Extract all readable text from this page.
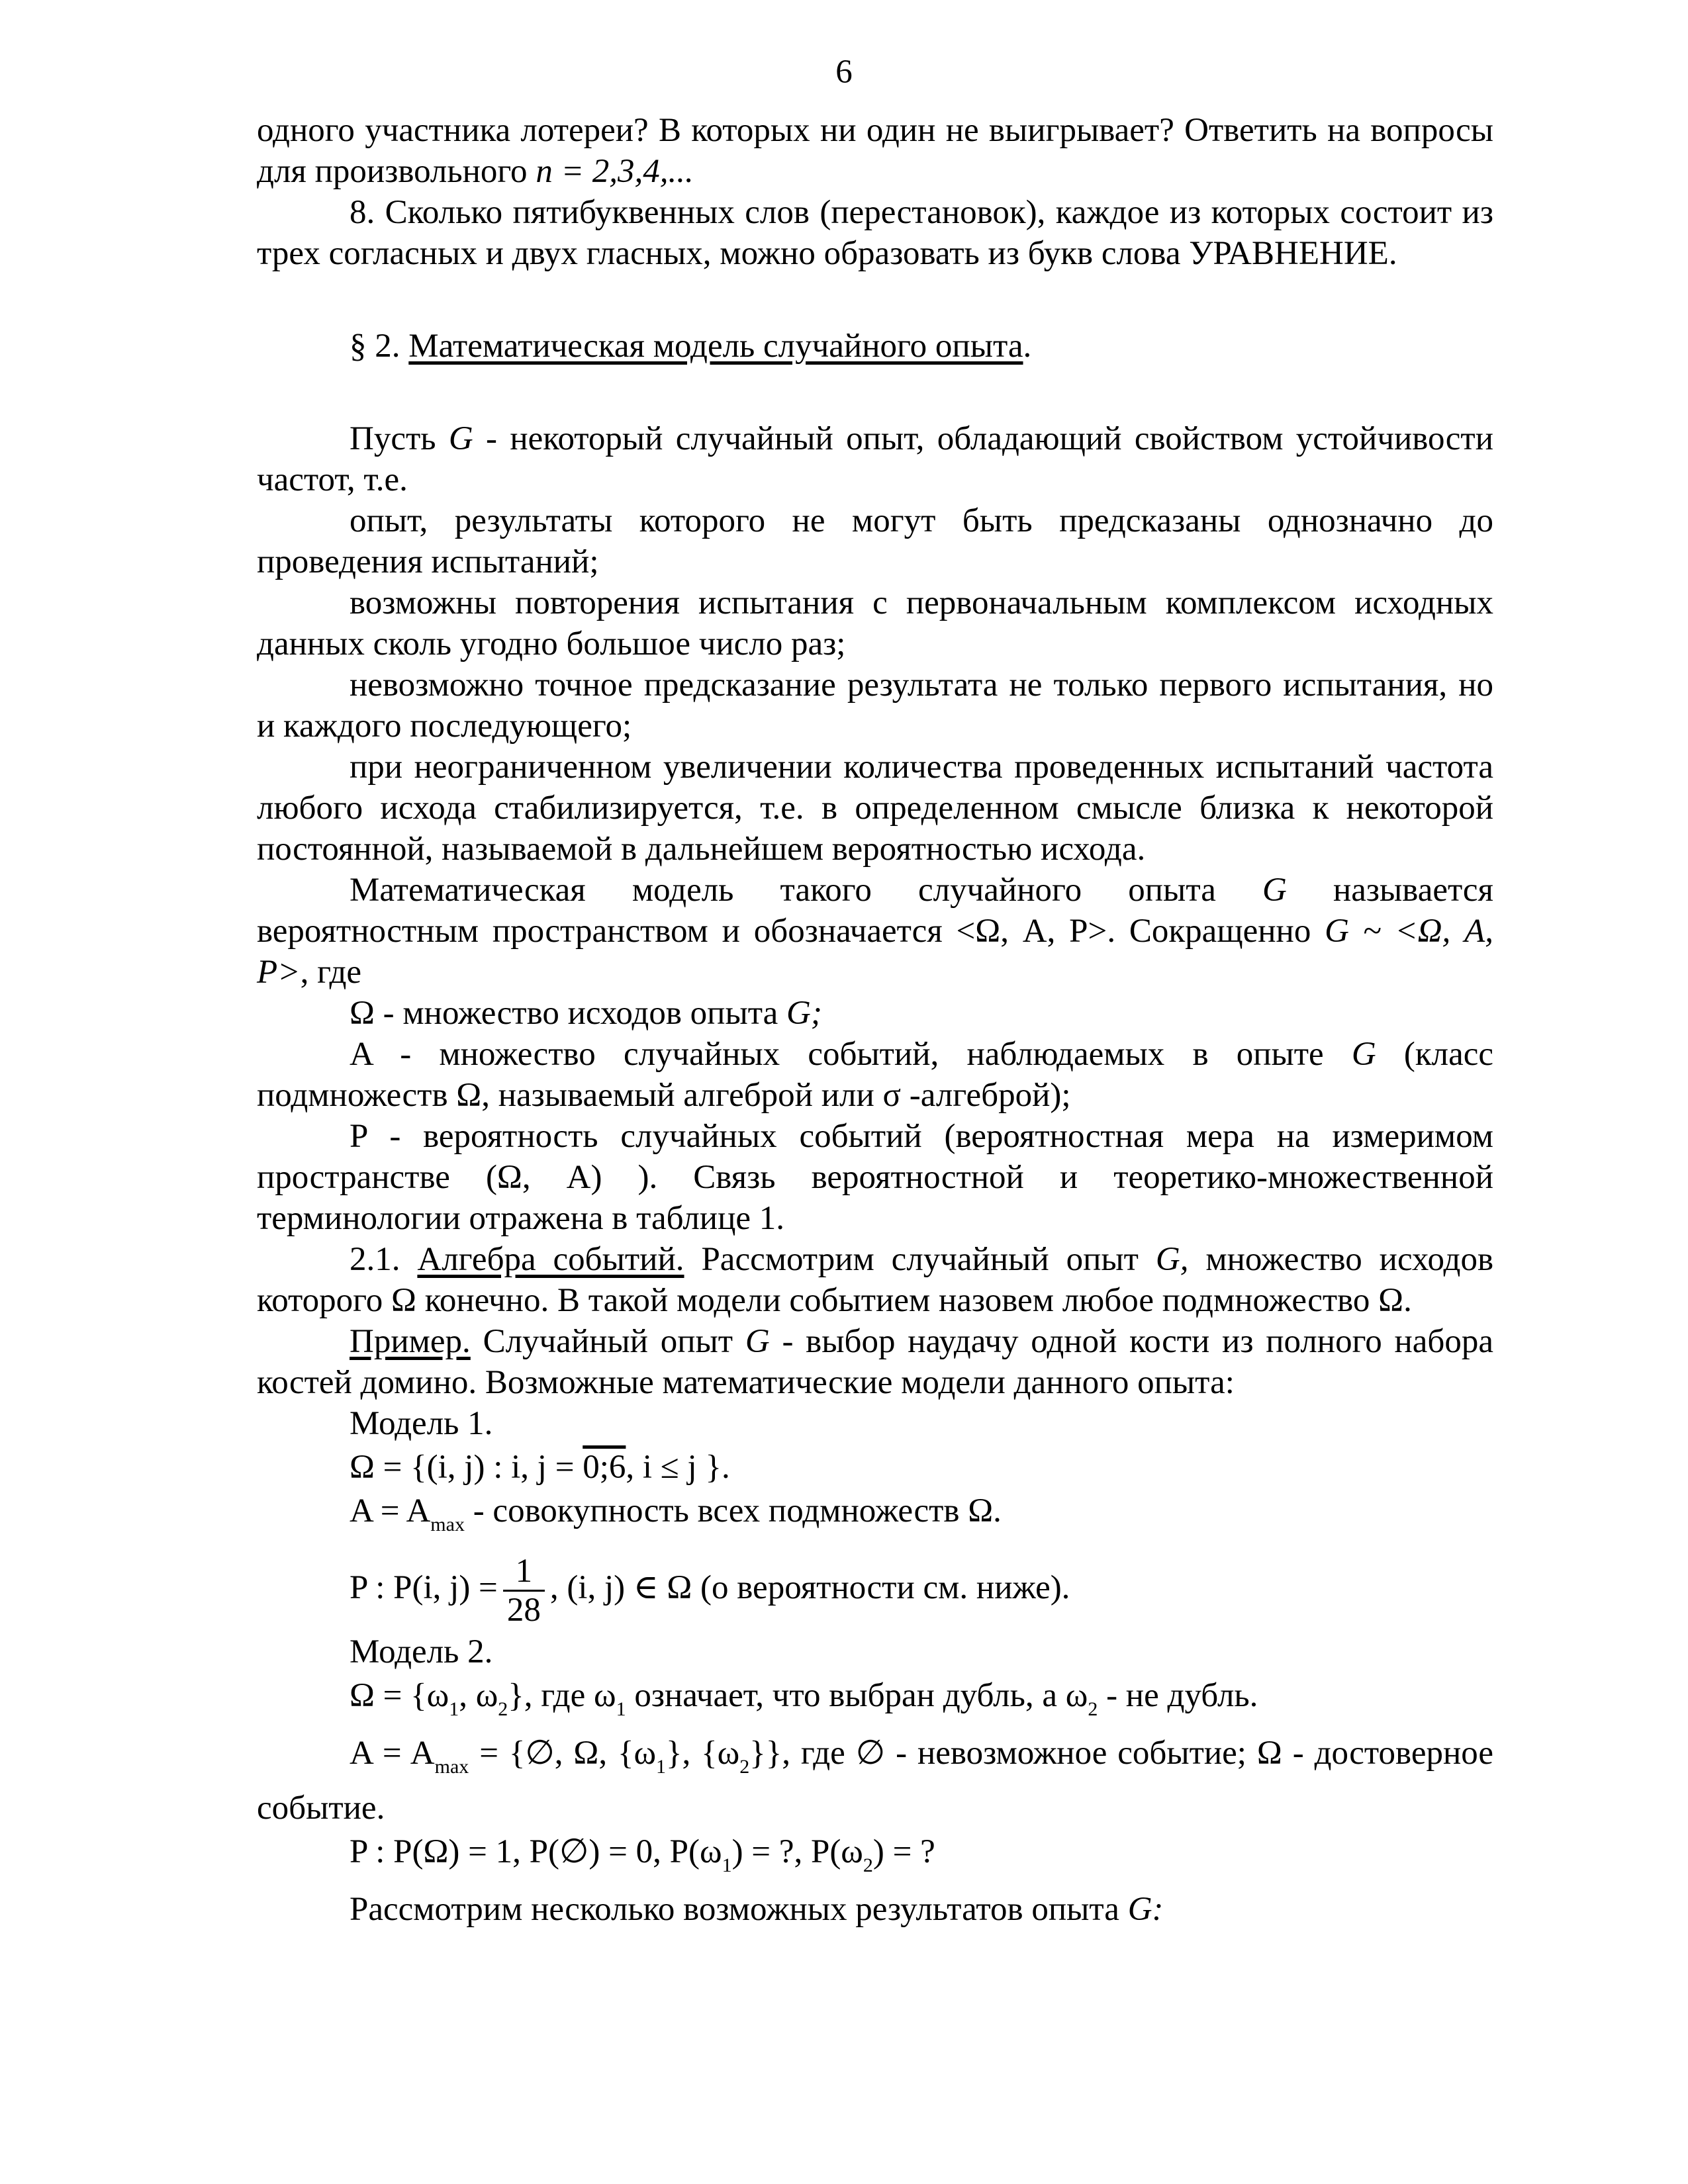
6

одного участника лотереи? В которых ни один не выигрывает? Ответить на вопросы для произвольного n = 2,3,4,...

8. Сколько пятибуквенных слов (перестановок), каждое из которых состоит из трех согласных и двух гласных, можно образовать из букв слова УРАВНЕНИЕ.

§ 2. Математическая модель случайного опыта.

Пусть G - некоторый случайный опыт, обладающий свойством устойчивости частот, т.е.

опыт, результаты которого не могут быть предсказаны однозначно до проведения испытаний;

возможны повторения испытания с первоначальным комплексом исходных данных сколь угодно большое число раз;

невозможно точное предсказание результата не только первого испытания, но и каждого последующего;

при неограниченном увеличении количества проведенных испытаний частота любого исхода стабилизируется, т.е. в определенном смысле близка к некоторой постоянной, называемой в дальнейшем вероятностью исхода.

Математическая модель такого случайного опыта G называется вероятностным пространством и обозначается <Ω, A, P>. Сокращенно G ~ <Ω, A, P>, где

Ω - множество исходов опыта G;

A - множество случайных событий, наблюдаемых в опыте G (класс подмножеств Ω, называемый алгеброй или σ -алгеброй);

P - вероятность случайных событий (вероятностная мера на измеримом пространстве (Ω, A) ). Связь вероятностной и теоретико-множественной терминологии отражена в таблице 1.

2.1. Алгебра событий. Рассмотрим случайный опыт G, множество исходов которого Ω конечно. В такой модели событием назовем любое подмножество Ω.

Пример. Случайный опыт G - выбор наудачу одной кости из полного набора костей домино. Возможные математические модели данного опыта:

Модель 1.

Ω = {(i, j) : i, j = 0;6, i ≤ j }.

$A = A_{max}$ - совокупность всех подмножеств Ω.

P : P(i, $j) = \frac{1}{28}$ , (i, j) ∈ Ω (о вероятности см. ниже).

Модель 2.

$\Omega = \{\omega_1$, $\omega_2$}, где $\omega_1$ означает, что выбран дубль, а $\omega_2$ - не дубль.

$A = A_{max}$ = {∅, Ω, $\{\omega_1\}$, $\{\omega_2\}$}, где ∅ - невозможное событие; Ω - достоверное событие.

P : P(Ω) = 1, P(∅) = 0, $P(\omega_1)$ = ?, $P(\omega_2)$ = ?

Рассмотрим несколько возможных результатов опыта G:
